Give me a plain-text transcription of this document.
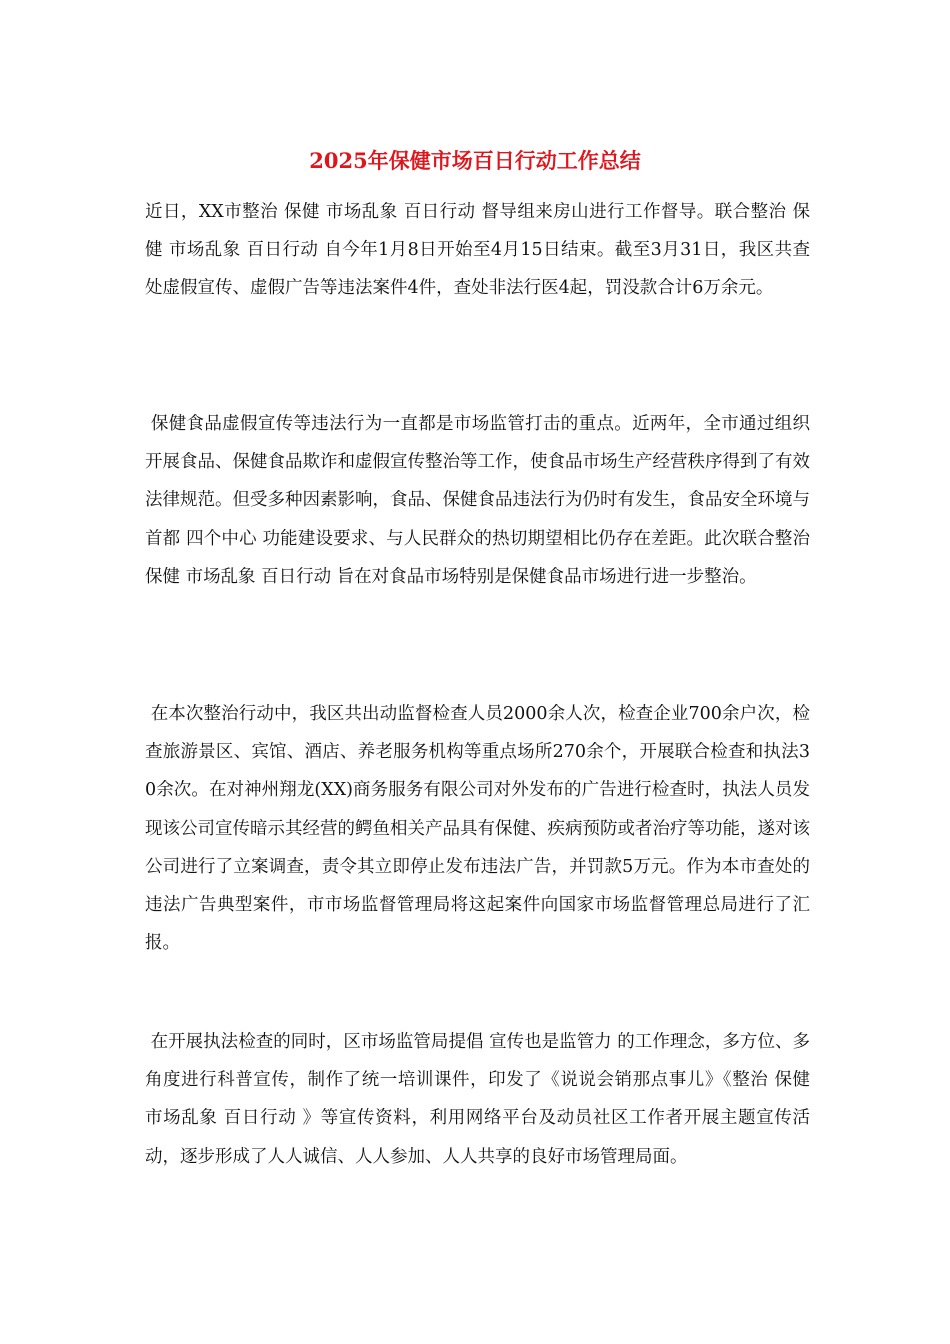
2025年保健市场百日行动工作总结

近日，XX市整治 保健 市场乱象 百日行动 督导组来房山进行工作督导。联合整治 保健 市场乱象 百日行动 自今年1月8日开始至4月15日结束。截至3月31日，我区共查处虚假宣传、虚假广告等违法案件4件，查处非法行医4起，罚没款合计6万余元。

保健食品虚假宣传等违法行为一直都是市场监管打击的重点。近两年，全市通过组织开展食品、保健食品欺诈和虚假宣传整治等工作，使食品市场生产经营秩序得到了有效法律规范。但受多种因素影响，食品、保健食品违法行为仍时有发生，食品安全环境与首都 四个中心 功能建设要求、与人民群众的热切期望相比仍存在差距。此次联合整治 保健 市场乱象 百日行动 旨在对食品市场特别是保健食品市场进行进一步整治。

在本次整治行动中，我区共出动监督检查人员2000余人次，检查企业700余户次，检查旅游景区、宾馆、酒店、养老服务机构等重点场所270余个，开展联合检查和执法30余次。在对神州翔龙(XX)商务服务有限公司对外发布的广告进行检查时，执法人员发现该公司宣传暗示其经营的鳄鱼相关产品具有保健、疾病预防或者治疗等功能，遂对该公司进行了立案调查，责令其立即停止发布违法广告，并罚款5万元。作为本市查处的违法广告典型案件，市市场监督管理局将这起案件向国家市场监督管理总局进行了汇报。

在开展执法检查的同时，区市场监管局提倡 宣传也是监管力 的工作理念，多方位、多角度进行科普宣传，制作了统一培训课件，印发了《说说会销那点事儿》《整治 保健 市场乱象 百日行动 》等宣传资料，利用网络平台及动员社区工作者开展主题宣传活动，逐步形成了人人诚信、人人参加、人人共享的良好市场管理局面。
